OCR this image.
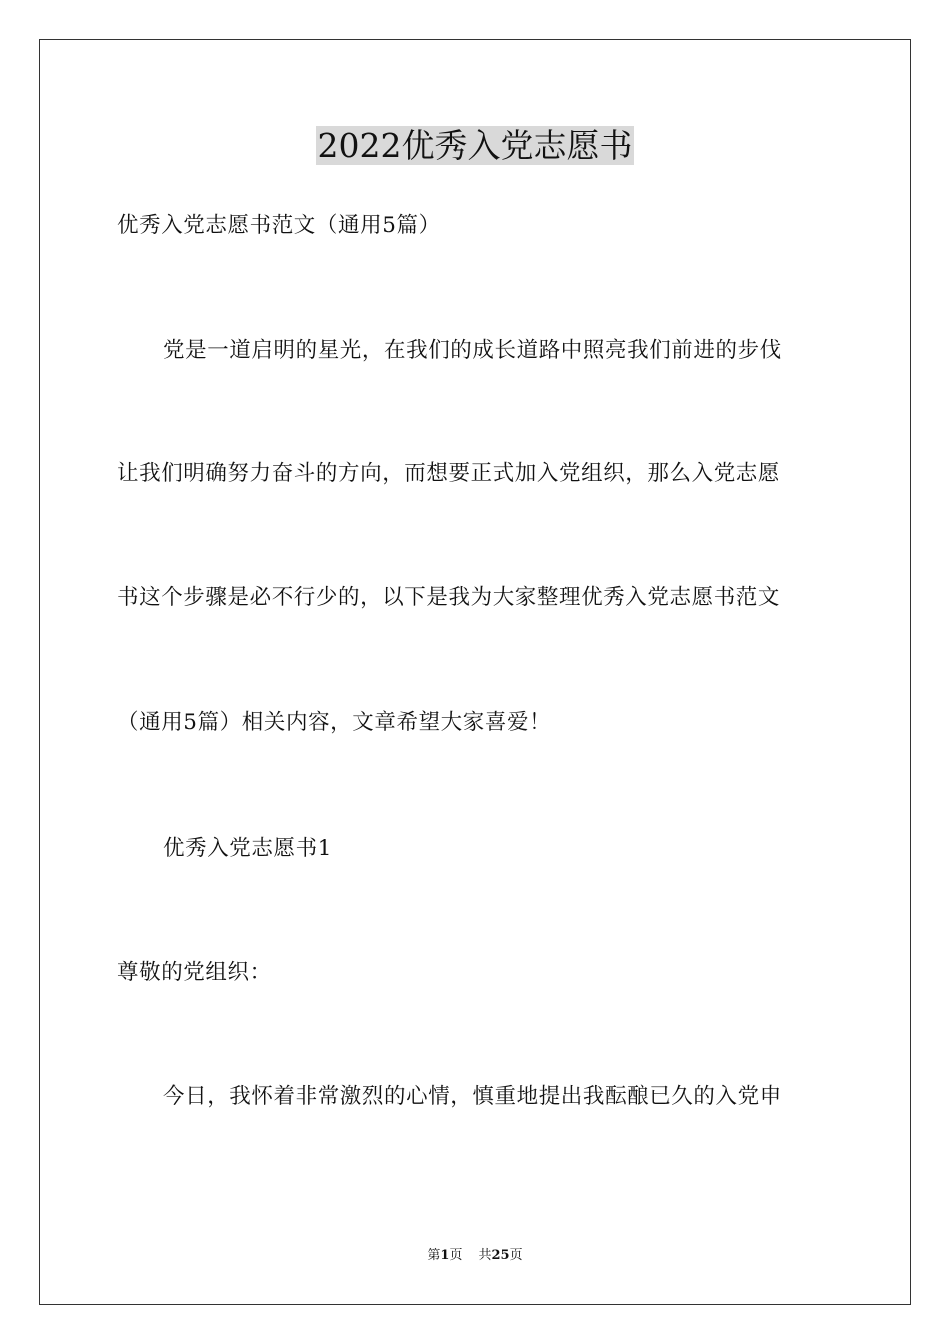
2022优秀入党志愿书
优秀入党志愿书范文（通用5篇）
党是一道启明的星光，在我们的成长道路中照亮我们前进的步伐
让我们明确努力奋斗的方向，而想要正式加入党组织，那么入党志愿
书这个步骤是必不行少的，以下是我为大家整理优秀入党志愿书范文
（通用5篇）相关内容，文章希望大家喜爱！
优秀入党志愿书1
尊敬的党组织：
今日，我怀着非常激烈的心情，慎重地提出我酝酿已久的入党申
第1页 共25页
